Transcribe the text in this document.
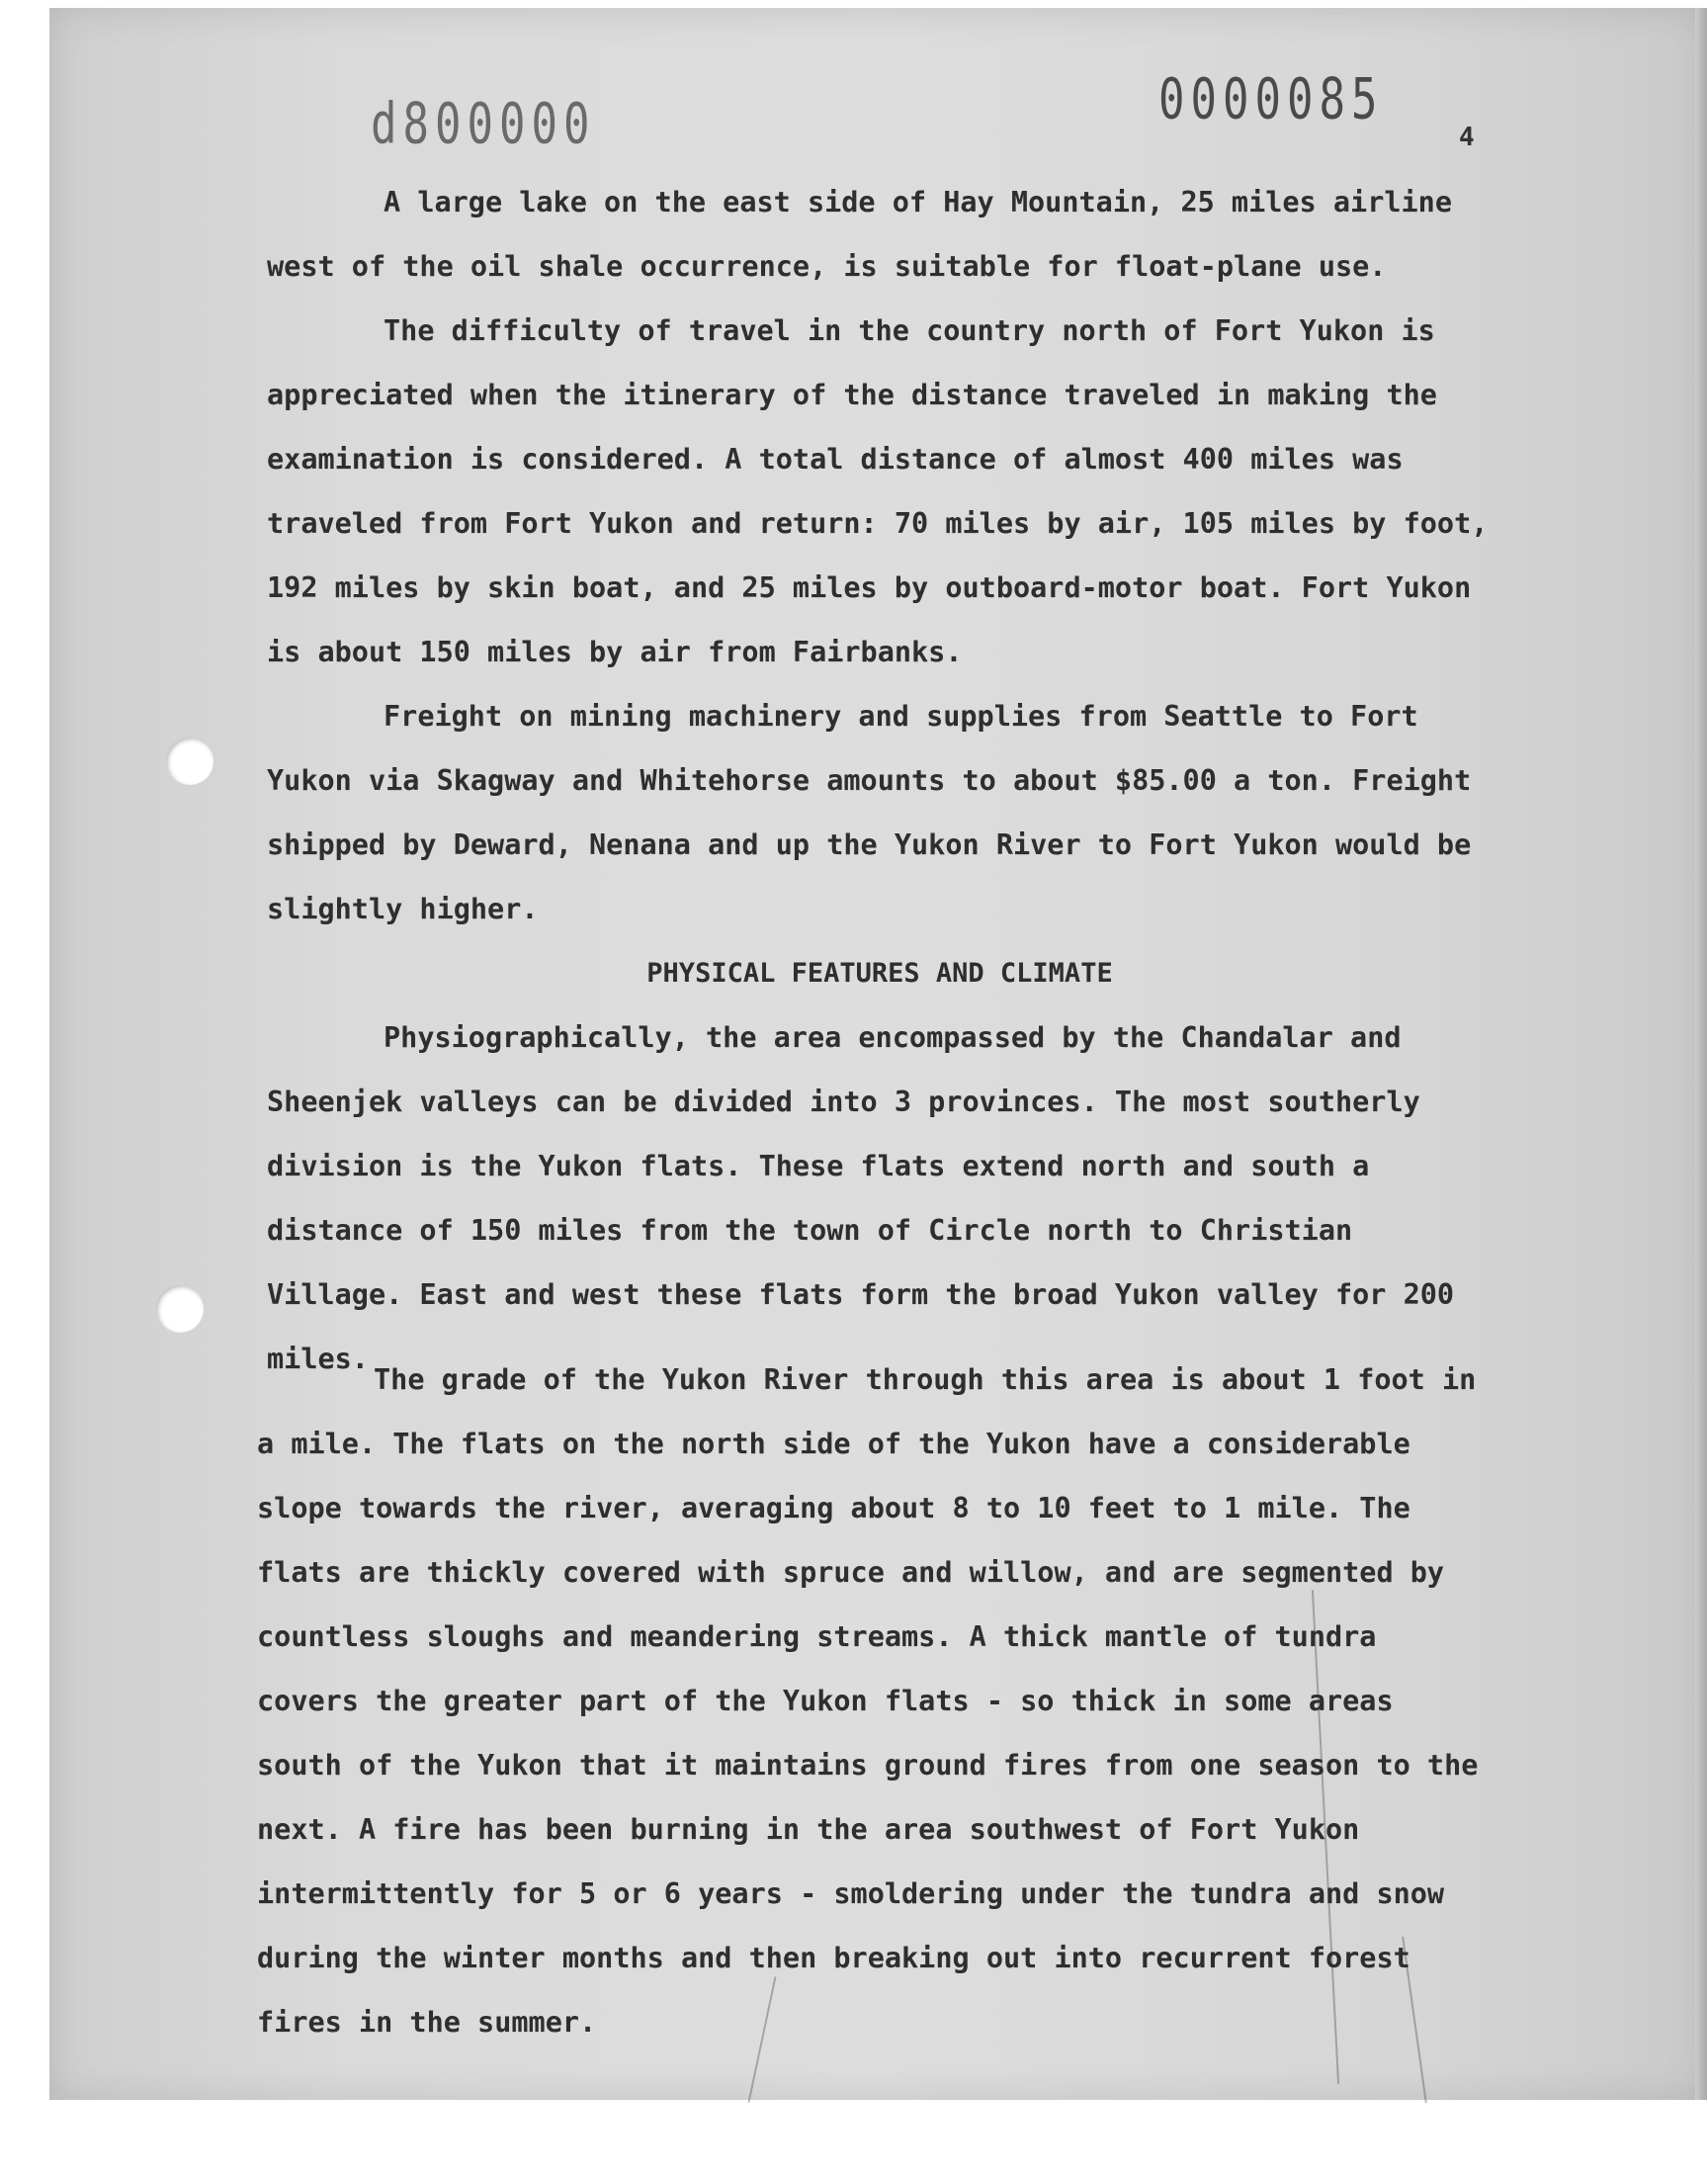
d800000	0000085
4

A large lake on the east side of Hay Mountain, 25 miles airline west of the oil shale occurrence, is suitable for float-plane use.

The difficulty of travel in the country north of Fort Yukon is appreciated when the itinerary of the distance traveled in making the examination is considered. A total distance of almost 400 miles was traveled from Fort Yukon and return: 70 miles by air, 105 miles by foot, 192 miles by skin boat, and 25 miles by outboard-motor boat. Fort Yukon is about 150 miles by air from Fairbanks.

Freight on mining machinery and supplies from Seattle to Fort Yukon via Skagway and Whitehorse amounts to about $85.00 a ton. Freight shipped by Deward, Nenana and up the Yukon River to Fort Yukon would be slightly higher.

PHYSICAL FEATURES AND CLIMATE

Physiographically, the area encompassed by the Chandalar and Sheenjek valleys can be divided into 3 provinces. The most southerly division is the Yukon flats. These flats extend north and south a distance of 150 miles from the town of Circle north to Christian Village. East and west these flats form the broad Yukon valley for 200 miles.

The grade of the Yukon River through this area is about 1 foot in a mile. The flats on the north side of the Yukon have a considerable slope towards the river, averaging about 8 to 10 feet to 1 mile. The flats are thickly covered with spruce and willow, and are segmented by countless sloughs and meandering streams. A thick mantle of tundra covers the greater part of the Yukon flats - so thick in some areas south of the Yukon that it maintains ground fires from one season to the next. A fire has been burning in the area southwest of Fort Yukon intermittently for 5 or 6 years - smoldering under the tundra and snow during the winter months and then breaking out into recurrent forest fires in the summer.
